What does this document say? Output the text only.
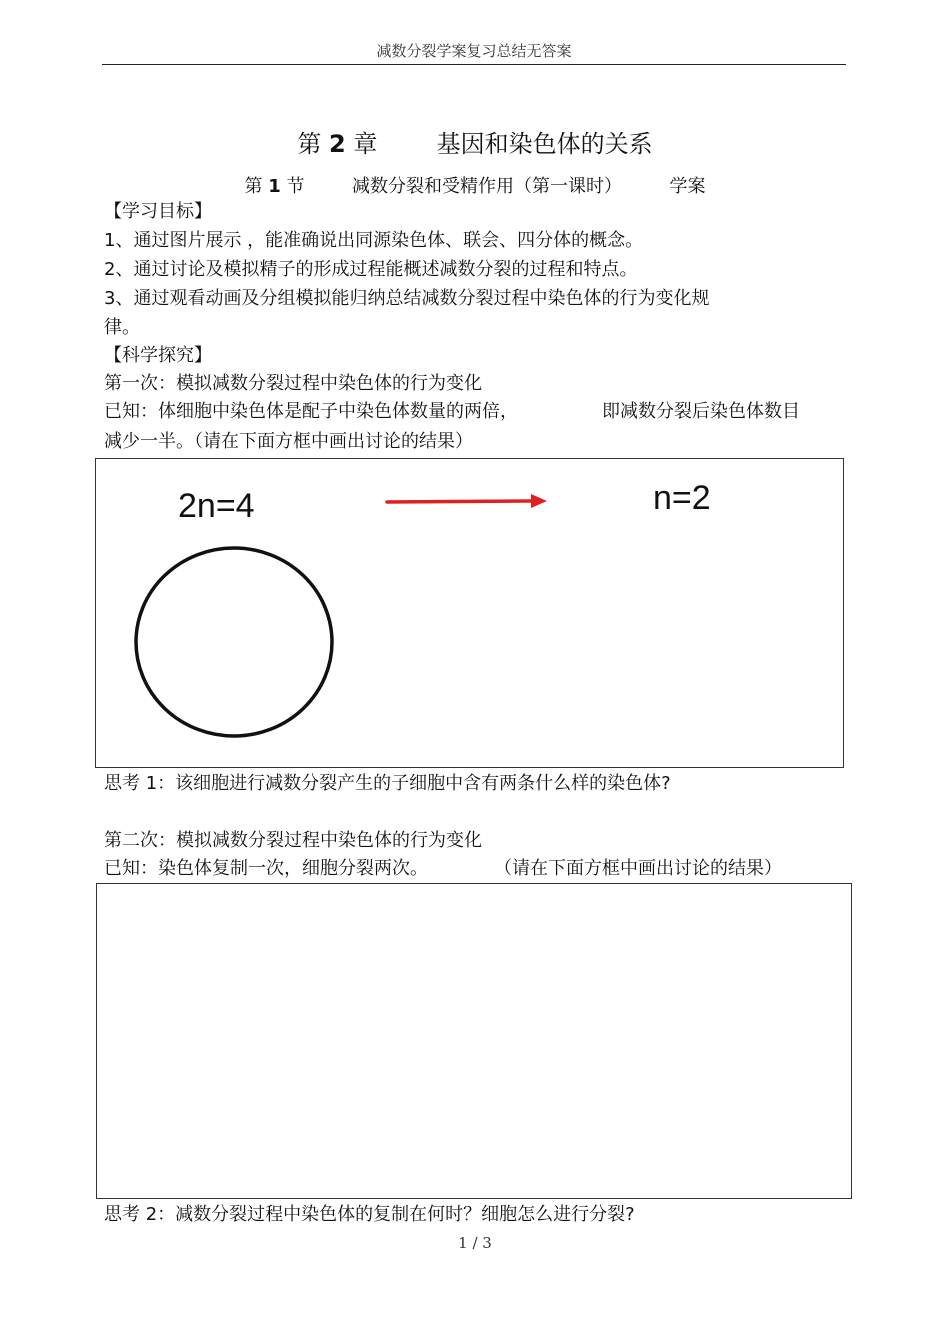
减数分裂学案复习总结无答案
第 2 章 基因和染色体的关系
第 1 节	减数分裂和受精作用（第一课时）	学案
【学习目标】
1、通过图片展示 ，能准确说出同源染色体、联会、四分体的概念。
2、通过讨论及模拟精子的形成过程能概述减数分裂的过程和特点。
3、通过观看动画及分组模拟能归纳总结减数分裂过程中染色体的行为变化规
律。
【科学探究】
第一次：模拟减数分裂过程中染色体的行为变化
已知：体细胞中染色体是配子中染色体数量的两倍，	即减数分裂后染色体数目
减少一半。（请在下面方框中画出讨论的结果）
2n=4	n=2
思考 1：该细胞进行减数分裂产生的子细胞中含有两条什么样的染色体?
第二次：模拟减数分裂过程中染色体的行为变化
已知：染色体复制一次，细胞分裂两次。	（请在下面方框中画出讨论的结果）
思考 2：减数分裂过程中染色体的复制在何时？细胞怎么进行分裂?
1 / 3
